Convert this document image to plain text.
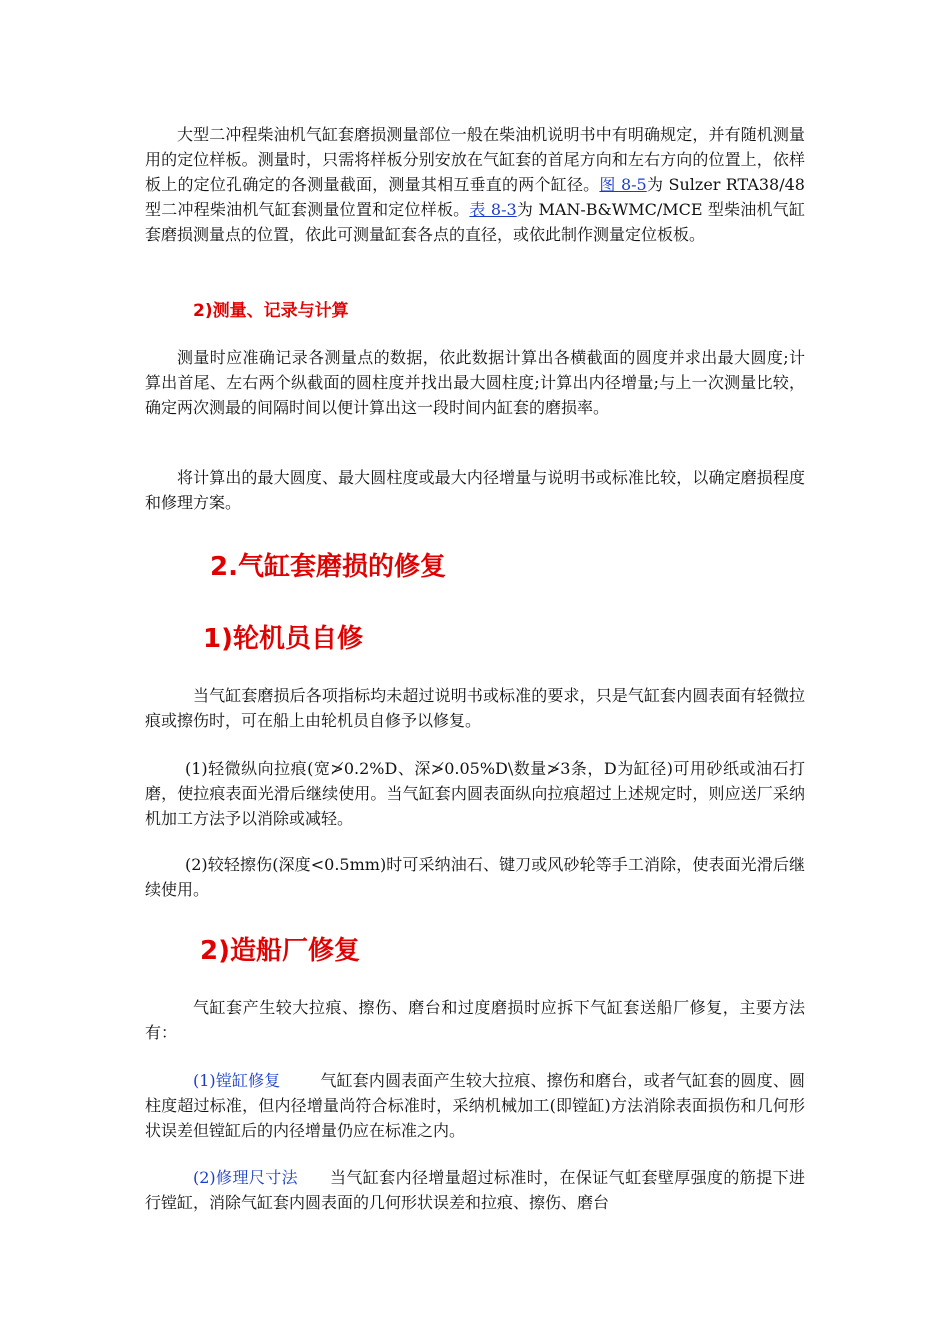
大型二冲程柴油机气缸套磨损测量部位一般在柴油机说明书中有明确规定，并有随机测量用的定位样板。测量时，只需将样板分别安放在气缸套的首尾方向和左右方向的位置上，依样板上的定位孔确定的各测量截面，测量其相互垂直的两个缸径。图 8-5为 Sulzer RTA38/48 型二冲程柴油机气缸套测量位置和定位样板。表 8-3为 MAN-B&WMC/MCE 型柴油机气缸套磨损测量点的位置，依此可测量缸套各点的直径，或依此制作测量定位板板。

2)测量、记录与计算

测量时应准确记录各测量点的数据，依此数据计算出各横截面的圆度并求出最大圆度;计算出首尾、左右两个纵截面的圆柱度并找出最大圆柱度;计算出内径增量;与上一次测量比较，确定两次测最的间隔时间以便计算出这一段时间内缸套的磨损率。

将计算出的最大圆度、最大圆柱度或最大内径增量与说明书或标准比较，以确定磨损程度和修理方案。

2.气缸套磨损的修复
1)轮机员自修

当气缸套磨损后各项指标均未超过说明书或标准的要求，只是气缸套内圆表面有轻微拉痕或擦伤时，可在船上由轮机员自修予以修复。

(1)轻微纵向拉痕(宽≯0.2%D、深≯0.05%D\数量≯3条，D为缸径)可用砂纸或油石打磨，使拉痕表面光滑后继续使用。当气缸套内圆表面纵向拉痕超过上述规定时，则应送厂采纳机加工方法予以消除或减轻。

(2)较轻擦伤(深度<0.5mm)时可采纳油石、键刀或风砂轮等手工消除，使表面光滑后继续使用。

2)造船厂修复

气缸套产生较大拉痕、擦伤、磨台和过度磨损时应拆下气缸套送船厂修复，主要方法有：

(1)镗缸修复	气缸套内圆表面产生较大拉痕、擦伤和磨台，或者气缸套的圆度、圆柱度超过标准，但内径增量尚符合标准时，采纳机械加工(即镗缸)方法消除表面损伤和几何形状误差但镗缸后的内径增量仍应在标准之内。

(2)修理尺寸法 当气缸套内径增量超过标准时，在保证气虹套壁厚强度的筋提下进行镗缸，消除气缸套内圆表面的几何形状误差和拉痕、擦伤、磨台
